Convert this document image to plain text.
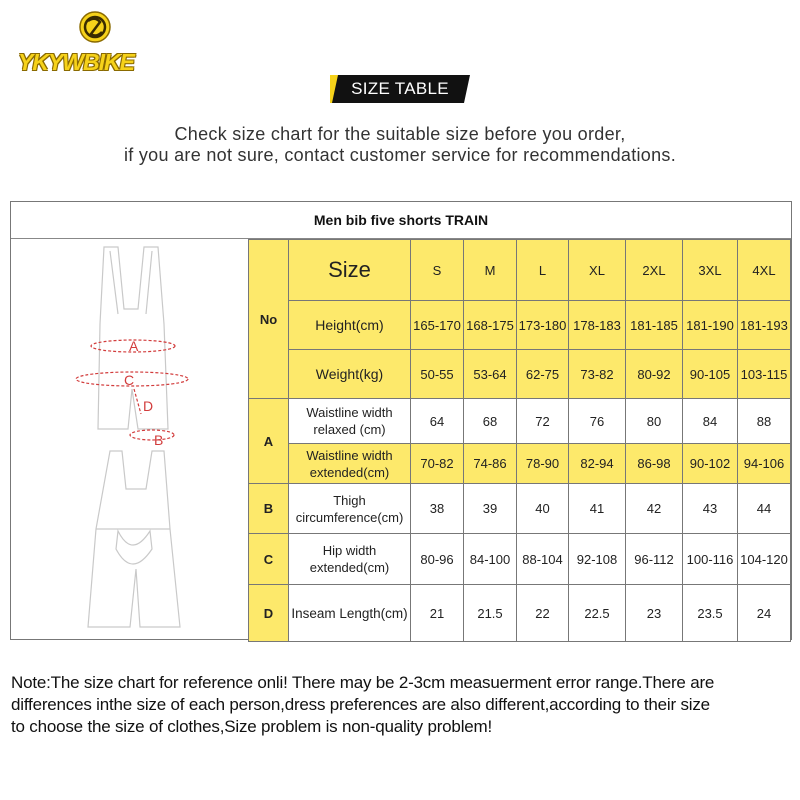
YKYWBIKE
SIZE TABLE
Check size chart for the suitable size before you order,
if you are not sure, contact customer service for recommendations.
Men bib five shorts TRAIN
A
C
D
B
No	Size	S	M	L	XL	2XL	3XL	4XL
	Height(cm)	165-170	168-175	173-180	178-183	181-185	181-190	181-193
	Weight(kg)	50-55	53-64	62-75	73-82	80-92	90-105	103-115
A	Waistline width
relaxed (cm)	64	68	72	76	80	84	88
	Waistline width
extended(cm)	70-82	74-86	78-90	82-94	86-98	90-102	94-106
B	Thigh
circumference(cm)	38	39	40	41	42	43	44
C	Hip width
extended(cm)	80-96	84-100	88-104	92-108	96-112	100-116	104-120
D	Inseam Length(cm)	21	21.5	22	22.5	23	23.5	24
Note:The size chart for reference onli! There may be 2-3cm measuerment error range.There are
differences inthe size of each person,dress preferences are also different,according to their size
to choose the size of clothes,Size problem is non-quality problem!
